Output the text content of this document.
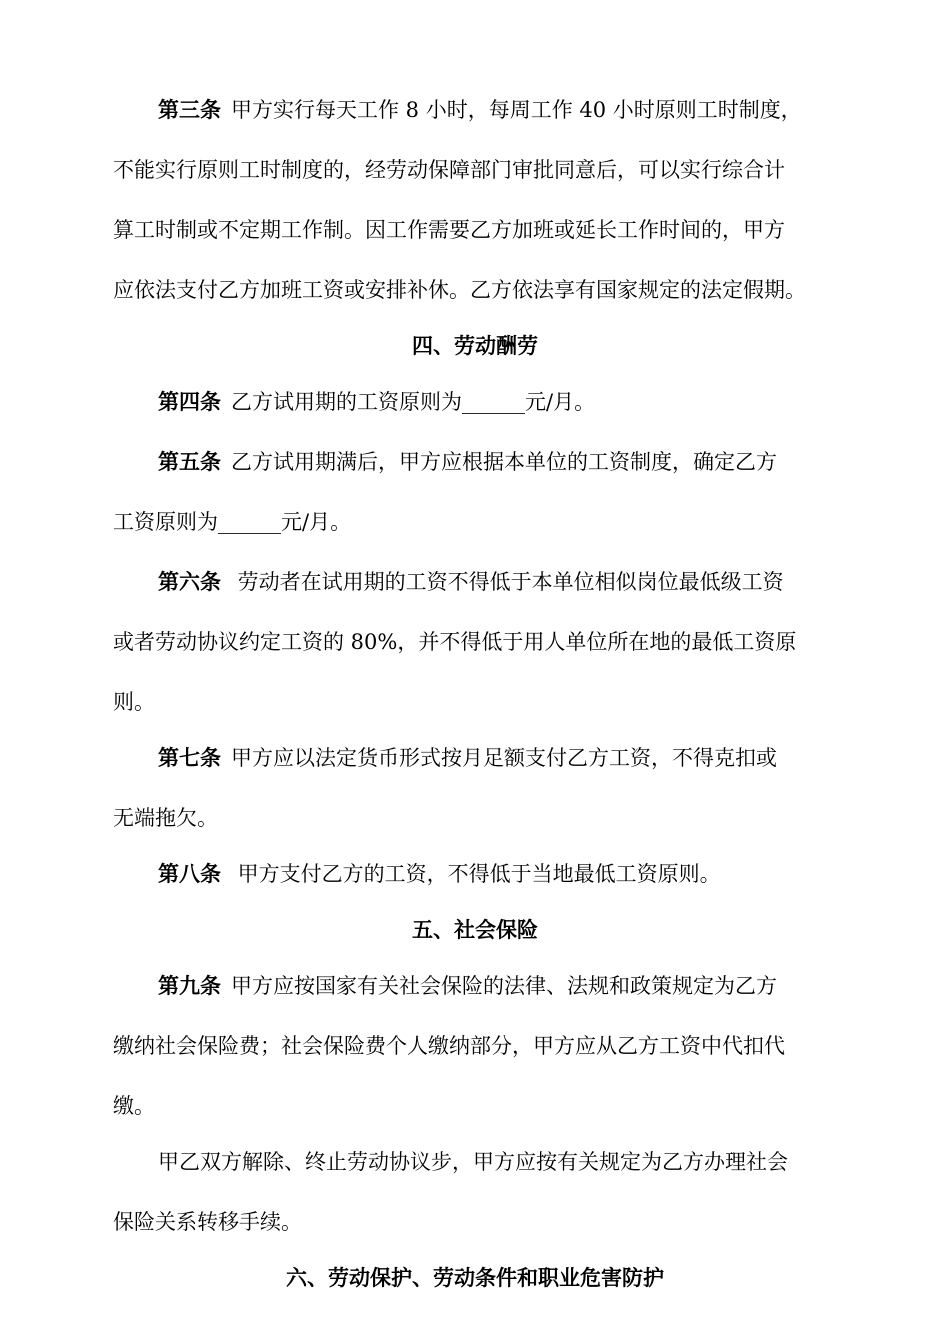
第三条 甲方实行每天工作 8 小时，每周工作 40 小时原则工时制度，
不能实行原则工时制度的，经劳动保障部门审批同意后，可以实行综合计
算工时制或不定期工作制。因工作需要乙方加班或延长工作时间的，甲方
应依法支付乙方加班工资或安排补休。乙方依法享有国家规定的法定假期。
四、劳动酬劳
第四条 乙方试用期的工资原则为______元/月。
第五条 乙方试用期满后，甲方应根据本单位的工资制度，确定乙方
工资原则为______元/月。
第六条 劳动者在试用期的工资不得低于本单位相似岗位最低级工资
或者劳动协议约定工资的 80%，并不得低于用人单位所在地的最低工资原
则。
第七条 甲方应以法定货币形式按月足额支付乙方工资，不得克扣或
无端拖欠。
第八条 甲方支付乙方的工资，不得低于当地最低工资原则。
五、社会保险
第九条 甲方应按国家有关社会保险的法律、法规和政策规定为乙方
缴纳社会保险费；社会保险费个人缴纳部分，甲方应从乙方工资中代扣代
缴。
甲乙双方解除、终止劳动协议步，甲方应按有关规定为乙方办理社会
保险关系转移手续。
六、劳动保护、劳动条件和职业危害防护
